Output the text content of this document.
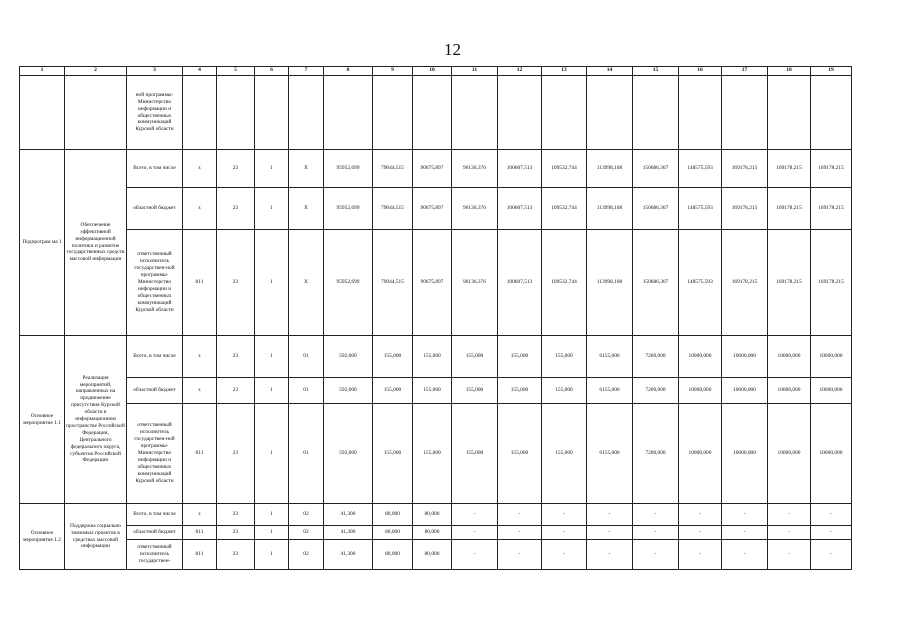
12
1	2	3	4	5	6	7	8	9	10	11	12	13	14	15	16	17	18	19
		ной программы-Министерство информации и общественных коммуникаций Курской области																
Подпрограм ма 1	Обеспечение эффективной информационной политики и развитие государственных средств массовой информации	Всего, в том числе	x	23	1	X	95952,699	79044,515	90675,897	96136,376	100607,513	109532,744	113998,108	150686,367	148575,593	169178,215	169178,215	169178,215
		областной бюджет	x	23	1	X	95952,699	79044,515	90675,897	96136,376	100607,513	109532,744	113998,108	150686,367	148575,593	169178,215	169178,215	169178,215
		ответственный исполнитель государствен-ной программы-Министерство информации и общественных коммуникаций Курской области	811	23	1	X	95952,699	79044,515	90675,897	96136,376	100607,513	109532,744	113998,108	150686,367	148575,593	169178,215	169178,215	169178,215
Основное мероприятие 1.1	Реализация мероприятий, направленных на продвижение присутствия Курской области в информационном пространстве Российской Федерации, Центрального федерального округа, субъектов Российской Федерации	Всего, в том числе	x	23	1	01	592,000	155,000	155,000	155,000	155,000	155,000	6155,000	7200,000	10000,000	10000,000	10000,000	10000,000
		областной бюджет	x	23	1	01	592,000	155,000	155,000	155,000	155,000	155,000	6155,000	7200,000	10000,000	10000,000	10000,000	10000,000
		ответственный исполнитель государствен-ной программы-Министерство информации и общественных коммуникаций Курской области	811	23	1	01	592,000	155,000	155,000	155,000	155,000	155,000	6155,000	7200,000	10000,000	10000,000	10000,000	10000,000
Основное мероприятие 1.2	Поддержка социально значимых проектов в средствах массовой информации	Всего, в том числе	x	23	1	02	41,300	80,000	80,000	-	-	-	-	-	-	-	-	-
		областной бюджет	811	23	1	02	41,300	80,000	80,000	-	-	-	-	-	-	-	-	-
		ответственный исполнитель государствен-	811	23	1	02	41,300	80,000	80,000	-	-	-	-	-	-	-	-	-
